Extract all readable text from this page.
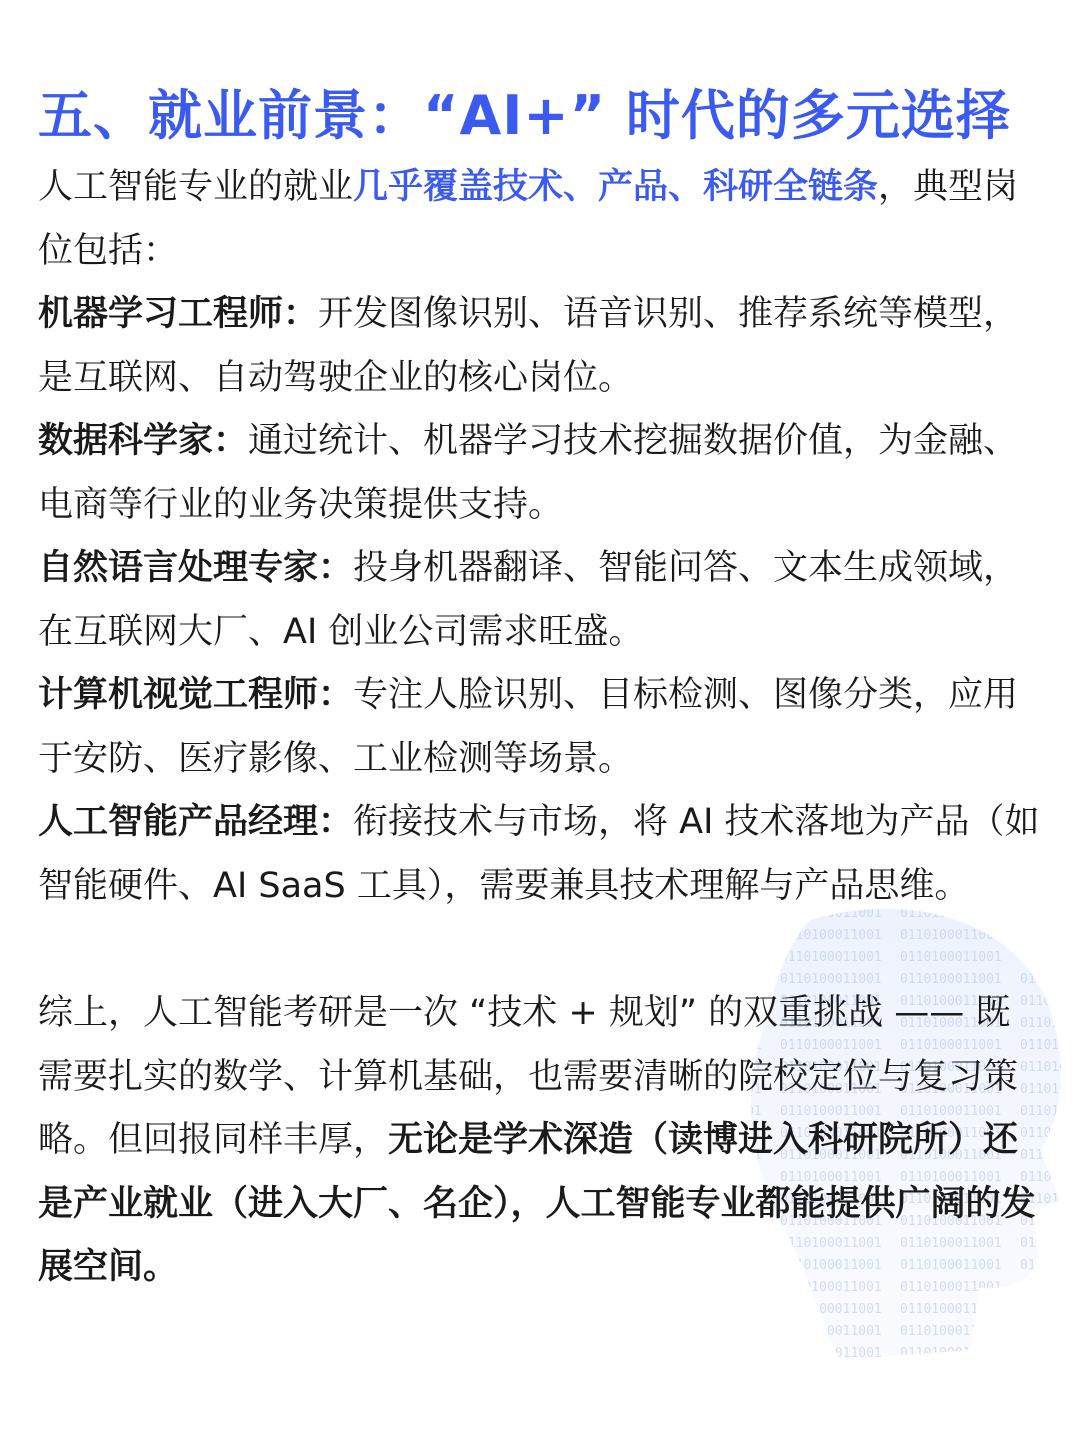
五、就业前景：“AI+” 时代的多元选择

人工智能专业的就业几乎覆盖技术、产品、科研全链条，典型岗位包括：

机器学习工程师：开发图像识别、语音识别、推荐系统等模型，是互联网、自动驾驶企业的核心岗位。

数据科学家：通过统计、机器学习技术挖掘数据价值，为金融、电商等行业的业务决策提供支持。

自然语言处理专家：投身机器翻译、智能问答、文本生成领域，在互联网大厂、AI 创业公司需求旺盛。

计算机视觉工程师：专注人脸识别、目标检测、图像分类，应用于安防、医疗影像、工业检测等场景。

人工智能产品经理：衔接技术与市场，将 AI 技术落地为产品（如智能硬件、AI SaaS 工具），需要兼具技术理解与产品思维。

综上，人工智能考研是一次 “技术 + 规划” 的双重挑战 —— 既需要扎实的数学、计算机基础，也需要清晰的院校定位与复习策略。但回报同样丰厚，无论是学术深造（读博进入科研院所）还是产业就业（进入大厂、名企），人工智能专业都能提供广阔的发展空间。
